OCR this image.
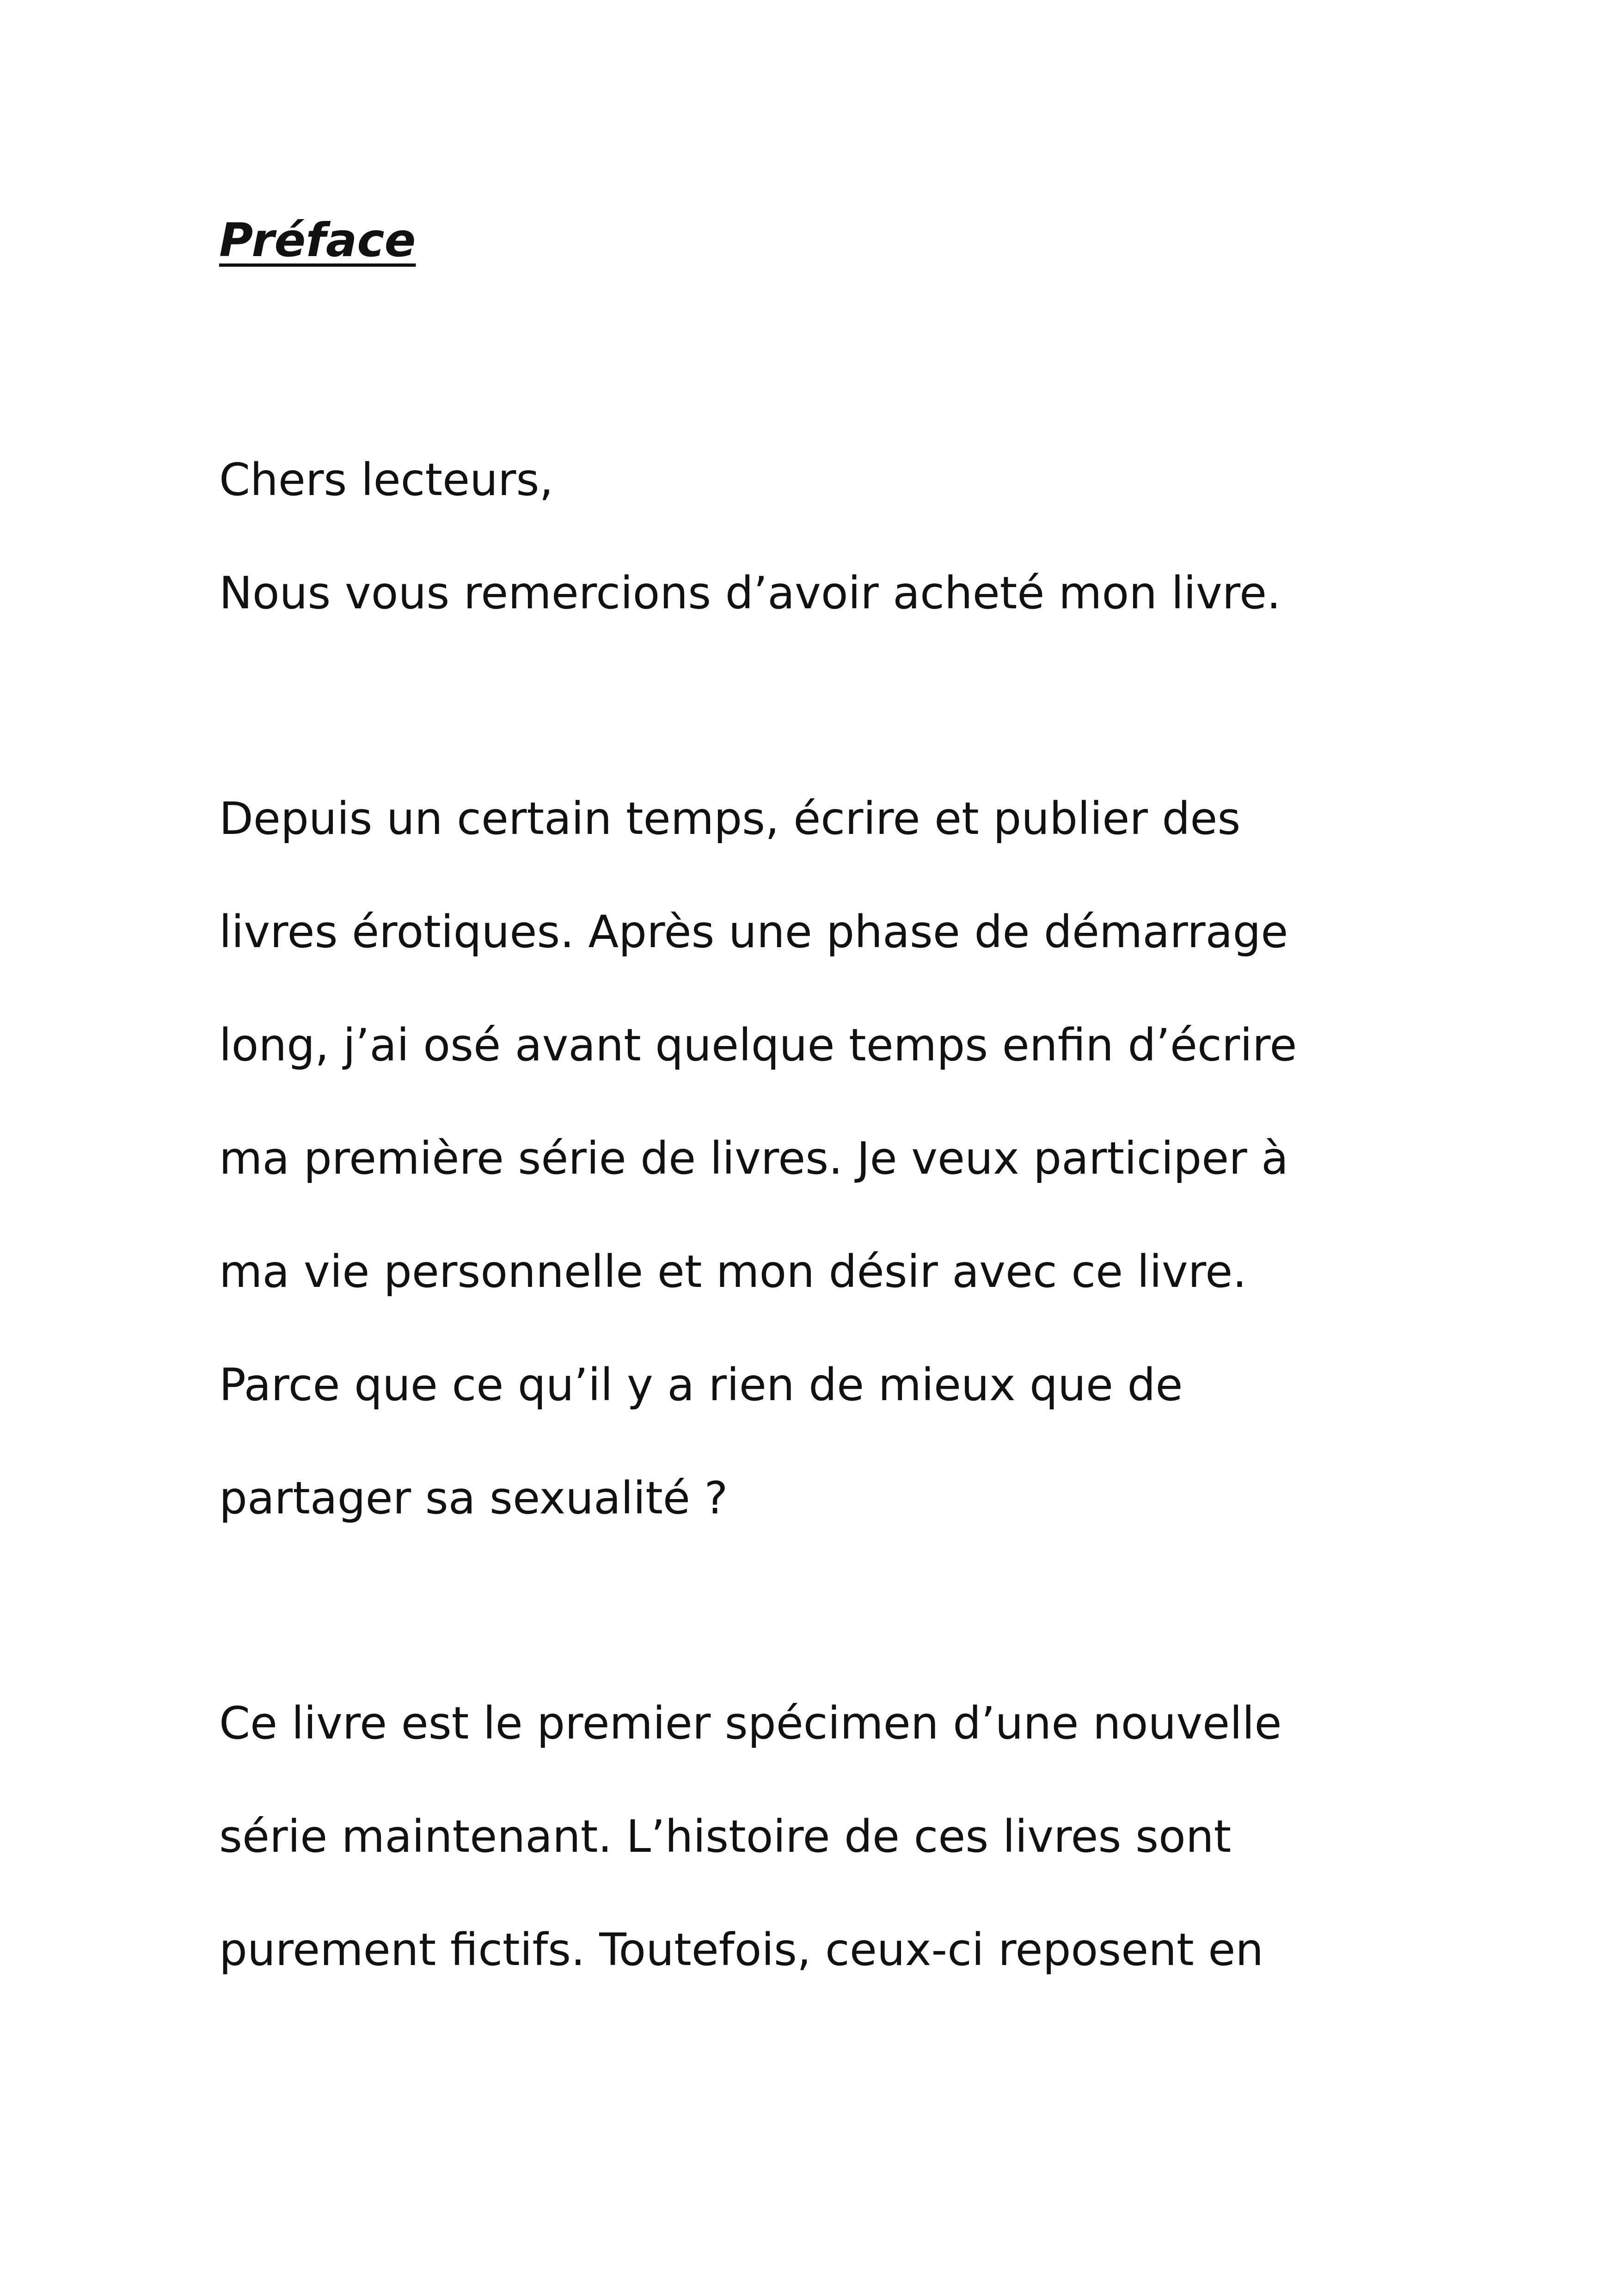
Préface

Chers lecteurs,

Nous vous remercions d’avoir acheté mon livre.

Depuis un certain temps, écrire et publier des

livres érotiques. Après une phase de démarrage

long, j’ai osé avant quelque temps enfin d’écrire

ma première série de livres. Je veux participer à

ma vie personnelle et mon désir avec ce livre.

Parce que ce qu’il y a rien de mieux que de

partager sa sexualité ?

Ce livre est le premier spécimen d’une nouvelle

série maintenant. L’histoire de ces livres sont

purement fictifs. Toutefois, ceux-ci reposent en
